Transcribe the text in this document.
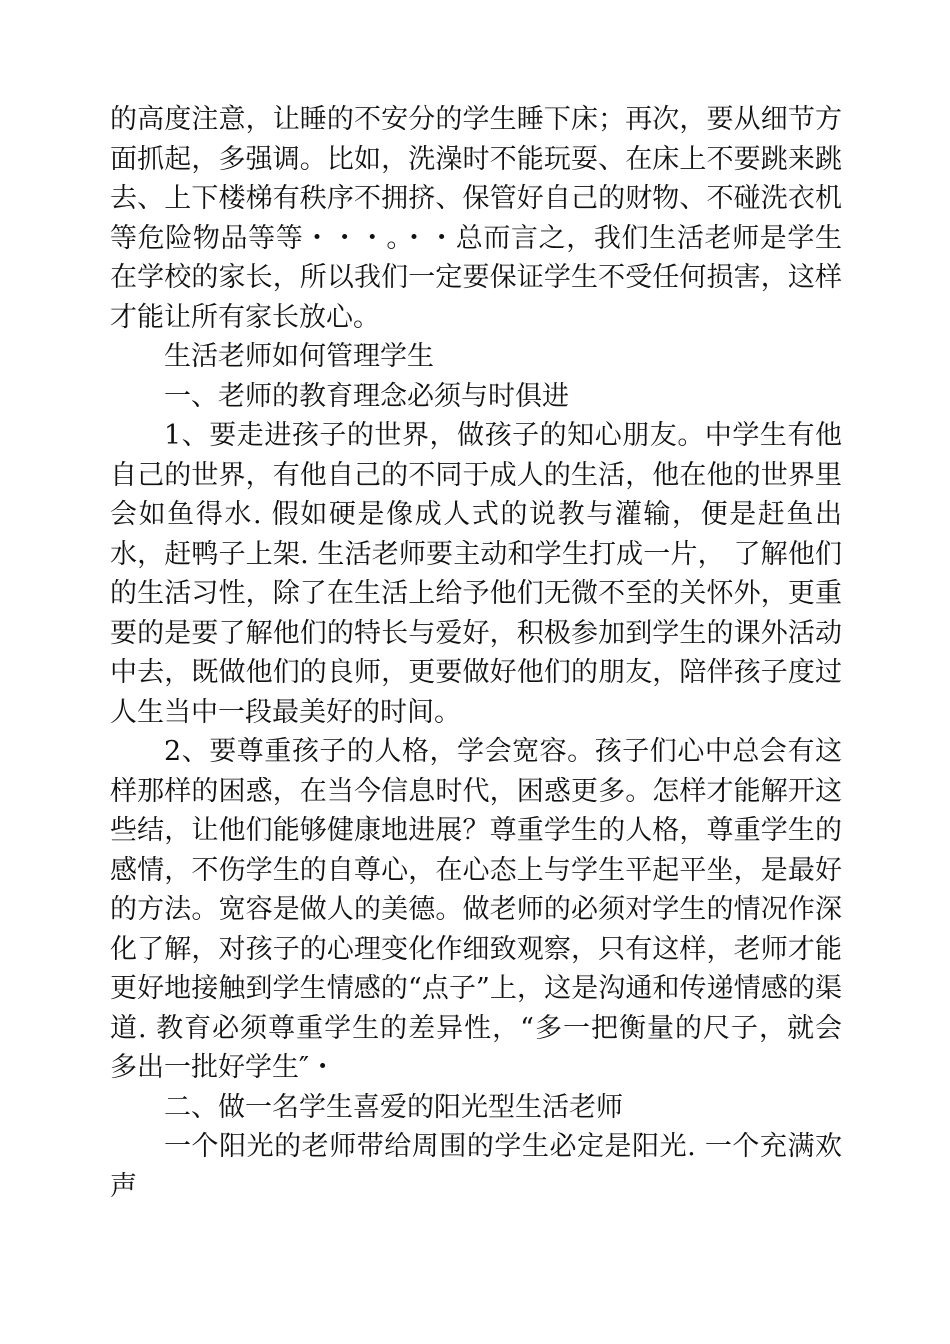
的高度注意，让睡的不安分的学生睡下床；再次，要从细节方面抓起，多强调。比如，洗澡时不能玩耍、在床上不要跳来跳去、上下楼梯有秩序不拥挤、保管好自己的财物、不碰洗衣机等危险物品等等・・・。・・总而言之，我们生活老师是学生在学校的家长，所以我们一定要保证学生不受任何损害，这样才能让所有家长放心。

生活老师如何管理学生

一、老师的教育理念必须与时俱进

1、要走进孩子的世界，做孩子的知心朋友。中学生有他自己的世界，有他自己的不同于成人的生活，他在他的世界里会如鱼得水. 假如硬是像成人式的说教与灌输，便是赶鱼出水，赶鸭子上架. 生活老师要主动和学生打成一片， 了解他们的生活习性，除了在生活上给予他们无微不至的关怀外，更重要的是要了解他们的特长与爱好，积极参加到学生的课外活动中去，既做他们的良师，更要做好他们的朋友，陪伴孩子度过人生当中一段最美好的时间。

2、要尊重孩子的人格，学会宽容。孩子们心中总会有这样那样的困惑，在当今信息时代，困惑更多。怎样才能解开这些结，让他们能够健康地进展？尊重学生的人格，尊重学生的感情，不伤学生的自尊心，在心态上与学生平起平坐，是最好的方法。宽容是做人的美德。做老师的必须对学生的情况作深化了解，对孩子的心理变化作细致观察，只有这样，老师才能更好地接触到学生情感的“点子”上，这是沟通和传递情感的渠道. 教育必须尊重学生的差异性，“多一把衡量的尺子，就会多出一批好学生″・

二、做一名学生喜爱的阳光型生活老师

一个阳光的老师带给周围的学生必定是阳光. 一个充满欢声
